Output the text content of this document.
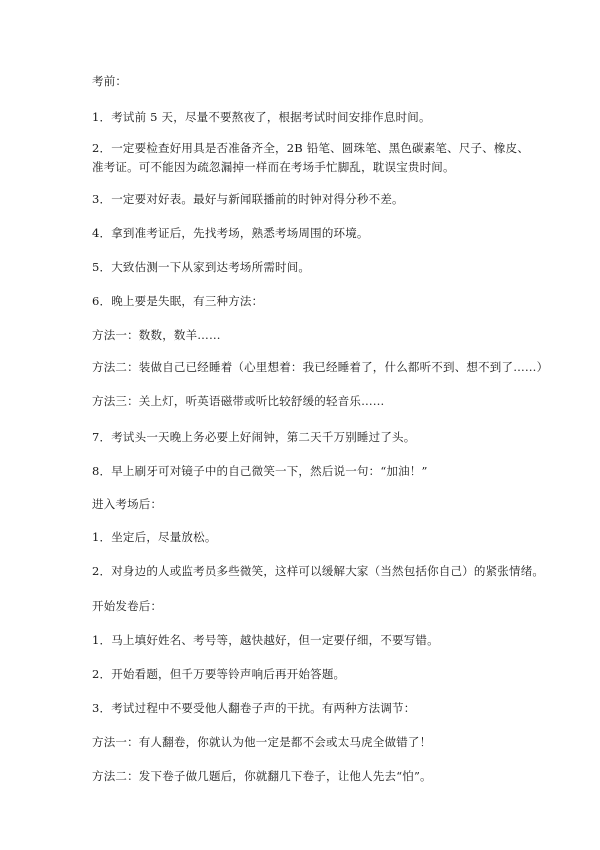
考前：
1．考试前 5 天，尽量不要熬夜了，根据考试时间安排作息时间。
2．一定要检查好用具是否准备齐全，2B 铅笔、圆珠笔、黑色碳素笔、尺子、橡皮、准考证。可不能因为疏忽漏掉一样而在考场手忙脚乱，耽误宝贵时间。
3．一定要对好表。最好与新闻联播前的时钟对得分秒不差。
4．拿到准考证后，先找考场，熟悉考场周围的环境。
5．大致估测一下从家到达考场所需时间。
6．晚上要是失眠，有三种方法：
方法一：数数，数羊……
方法二：装做自己已经睡着（心里想着：我已经睡着了，什么都听不到、想不到了……）
方法三：关上灯，听英语磁带或听比较舒缓的轻音乐……
7．考试头一天晚上务必要上好闹钟，第二天千万别睡过了头。
8．早上刷牙可对镜子中的自己微笑一下，然后说一句：“加油！”
进入考场后：
1．坐定后，尽量放松。
2．对身边的人或监考员多些微笑，这样可以缓解大家（当然包括你自己）的紧张情绪。
开始发卷后：
1．马上填好姓名、考号等，越快越好，但一定要仔细，不要写错。
2．开始看题，但千万要等铃声响后再开始答题。
3．考试过程中不要受他人翻卷子声的干扰。有两种方法调节：
方法一：有人翻卷，你就认为他一定是都不会或太马虎全做错了！
方法二：发下卷子做几题后，你就翻几下卷子，让他人先去“怕”。
